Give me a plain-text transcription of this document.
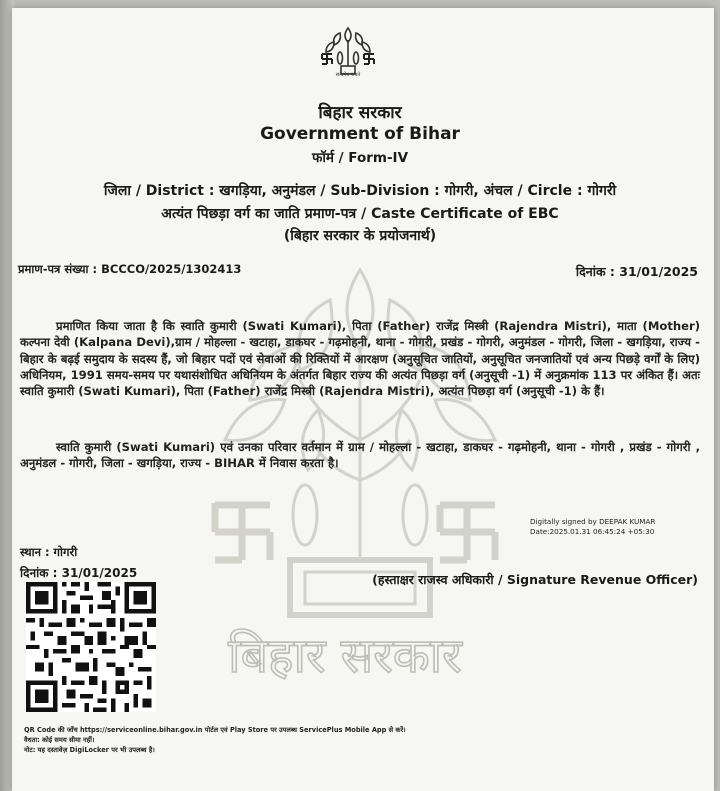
बिहार सरकार
सत्यमेव जयते
बिहार सरकार
Government of Bihar
फॉर्म / Form-IV
जिला / District : खगड़िया, अनुमंडल / Sub-Division : गोगरी, अंचल / Circle : गोगरी
अत्यंत पिछड़ा वर्ग का जाति प्रमाण-पत्र / Caste Certificate of EBC
(बिहार सरकार के प्रयोजनार्थ)
प्रमाण-पत्र संख्या : BCCCO/2025/1302413	दिनांक : 31/01/2025
प्रमाणित किया जाता है कि स्वाति कुमारी (Swati Kumari), पिता (Father) राजेंद्र मिस्त्री (Rajendra Mistri), माता (Mother) कल्पना देवी (Kalpana Devi),ग्राम / मोहल्ला - खटाहा, डाकघर - गढ़मोहनी, थाना - गोगरी, प्रखंड - गोगरी, अनुमंडल - गोगरी, जिला - खगड़िया, राज्य - बिहार के बढ़ई समुदाय के सदस्य हैं, जो बिहार पदों एवं सेवाओं की रिक्तियों में आरक्षण (अनुसूचित जातियों, अनुसूचित जनजातियों एवं अन्य पिछड़े वर्गों के लिए) अधिनियम, 1991 समय-समय पर यथासंशोधित अधिनियम के अंतर्गत बिहार राज्य की अत्यंत पिछड़ा वर्ग (अनुसूची -1) में अनुक्रमांक 113 पर अंकित हैं। अतः स्वाति कुमारी (Swati Kumari), पिता (Father) राजेंद्र मिस्त्री (Rajendra Mistri), अत्यंत पिछड़ा वर्ग (अनुसूची -1) के हैं।
स्वाति कुमारी (Swati Kumari) एवं उनका परिवार वर्तमान में ग्राम / मोहल्ला - खटाहा, डाकघर - गढ़मोहनी, थाना - गोगरी , प्रखंड - गोगरी , अनुमंडल - गोगरी, जिला - खगड़िया, राज्य - BIHAR में निवास करता है।
Digitally signed by DEEPAK KUMAR
Date:2025.01.31 06:45:24 +05:30
स्थान : गोगरी
दिनांक : 31/01/2025	(हस्ताक्षर राजस्व अधिकारी / Signature Revenue Officer)
QR Code की जाँच https://serviceonline.bihar.gov.in पोर्टल एवं Play Store पर उपलब्ध ServicePlus Mobile App से करें।
वैधता: कोई समय सीमा नहीं।
नोट: यह दस्तावेज़ DigiLocker पर भी उपलब्ध है।
